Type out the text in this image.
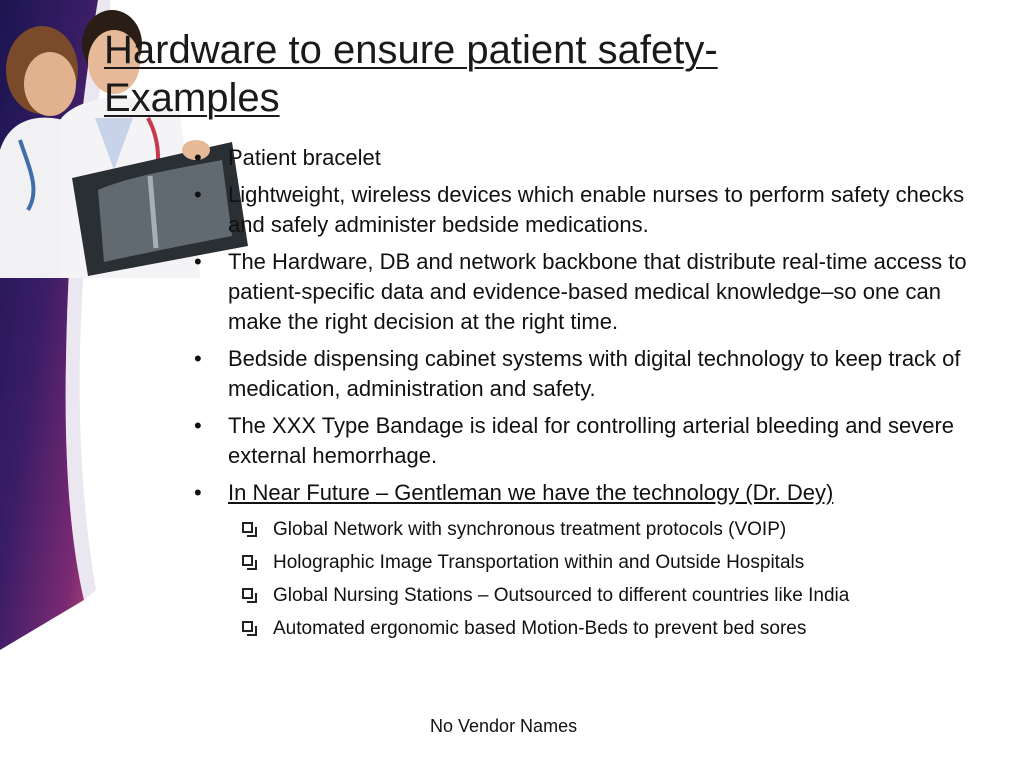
Hardware to ensure patient safety-
Examples
• Patient bracelet
• Lightweight, wireless devices which enable nurses to perform safety checks and safely administer bedside medications.
• The Hardware, DB and network backbone that distribute real-time access to patient-specific data and evidence-based medical knowledge–so one can make the right decision at the right time.
• Bedside dispensing cabinet systems with digital technology to keep track of medication, administration and safety.
• The XXX Type Bandage is ideal for controlling arterial bleeding and severe external hemorrhage.
• In Near Future – Gentleman we have the technology (Dr. Dey)
Global Network with synchronous treatment protocols (VOIP)
Holographic Image Transportation within and Outside Hospitals
Global Nursing Stations – Outsourced to different countries like India
Automated ergonomic based Motion-Beds to prevent bed sores
No Vendor Names
